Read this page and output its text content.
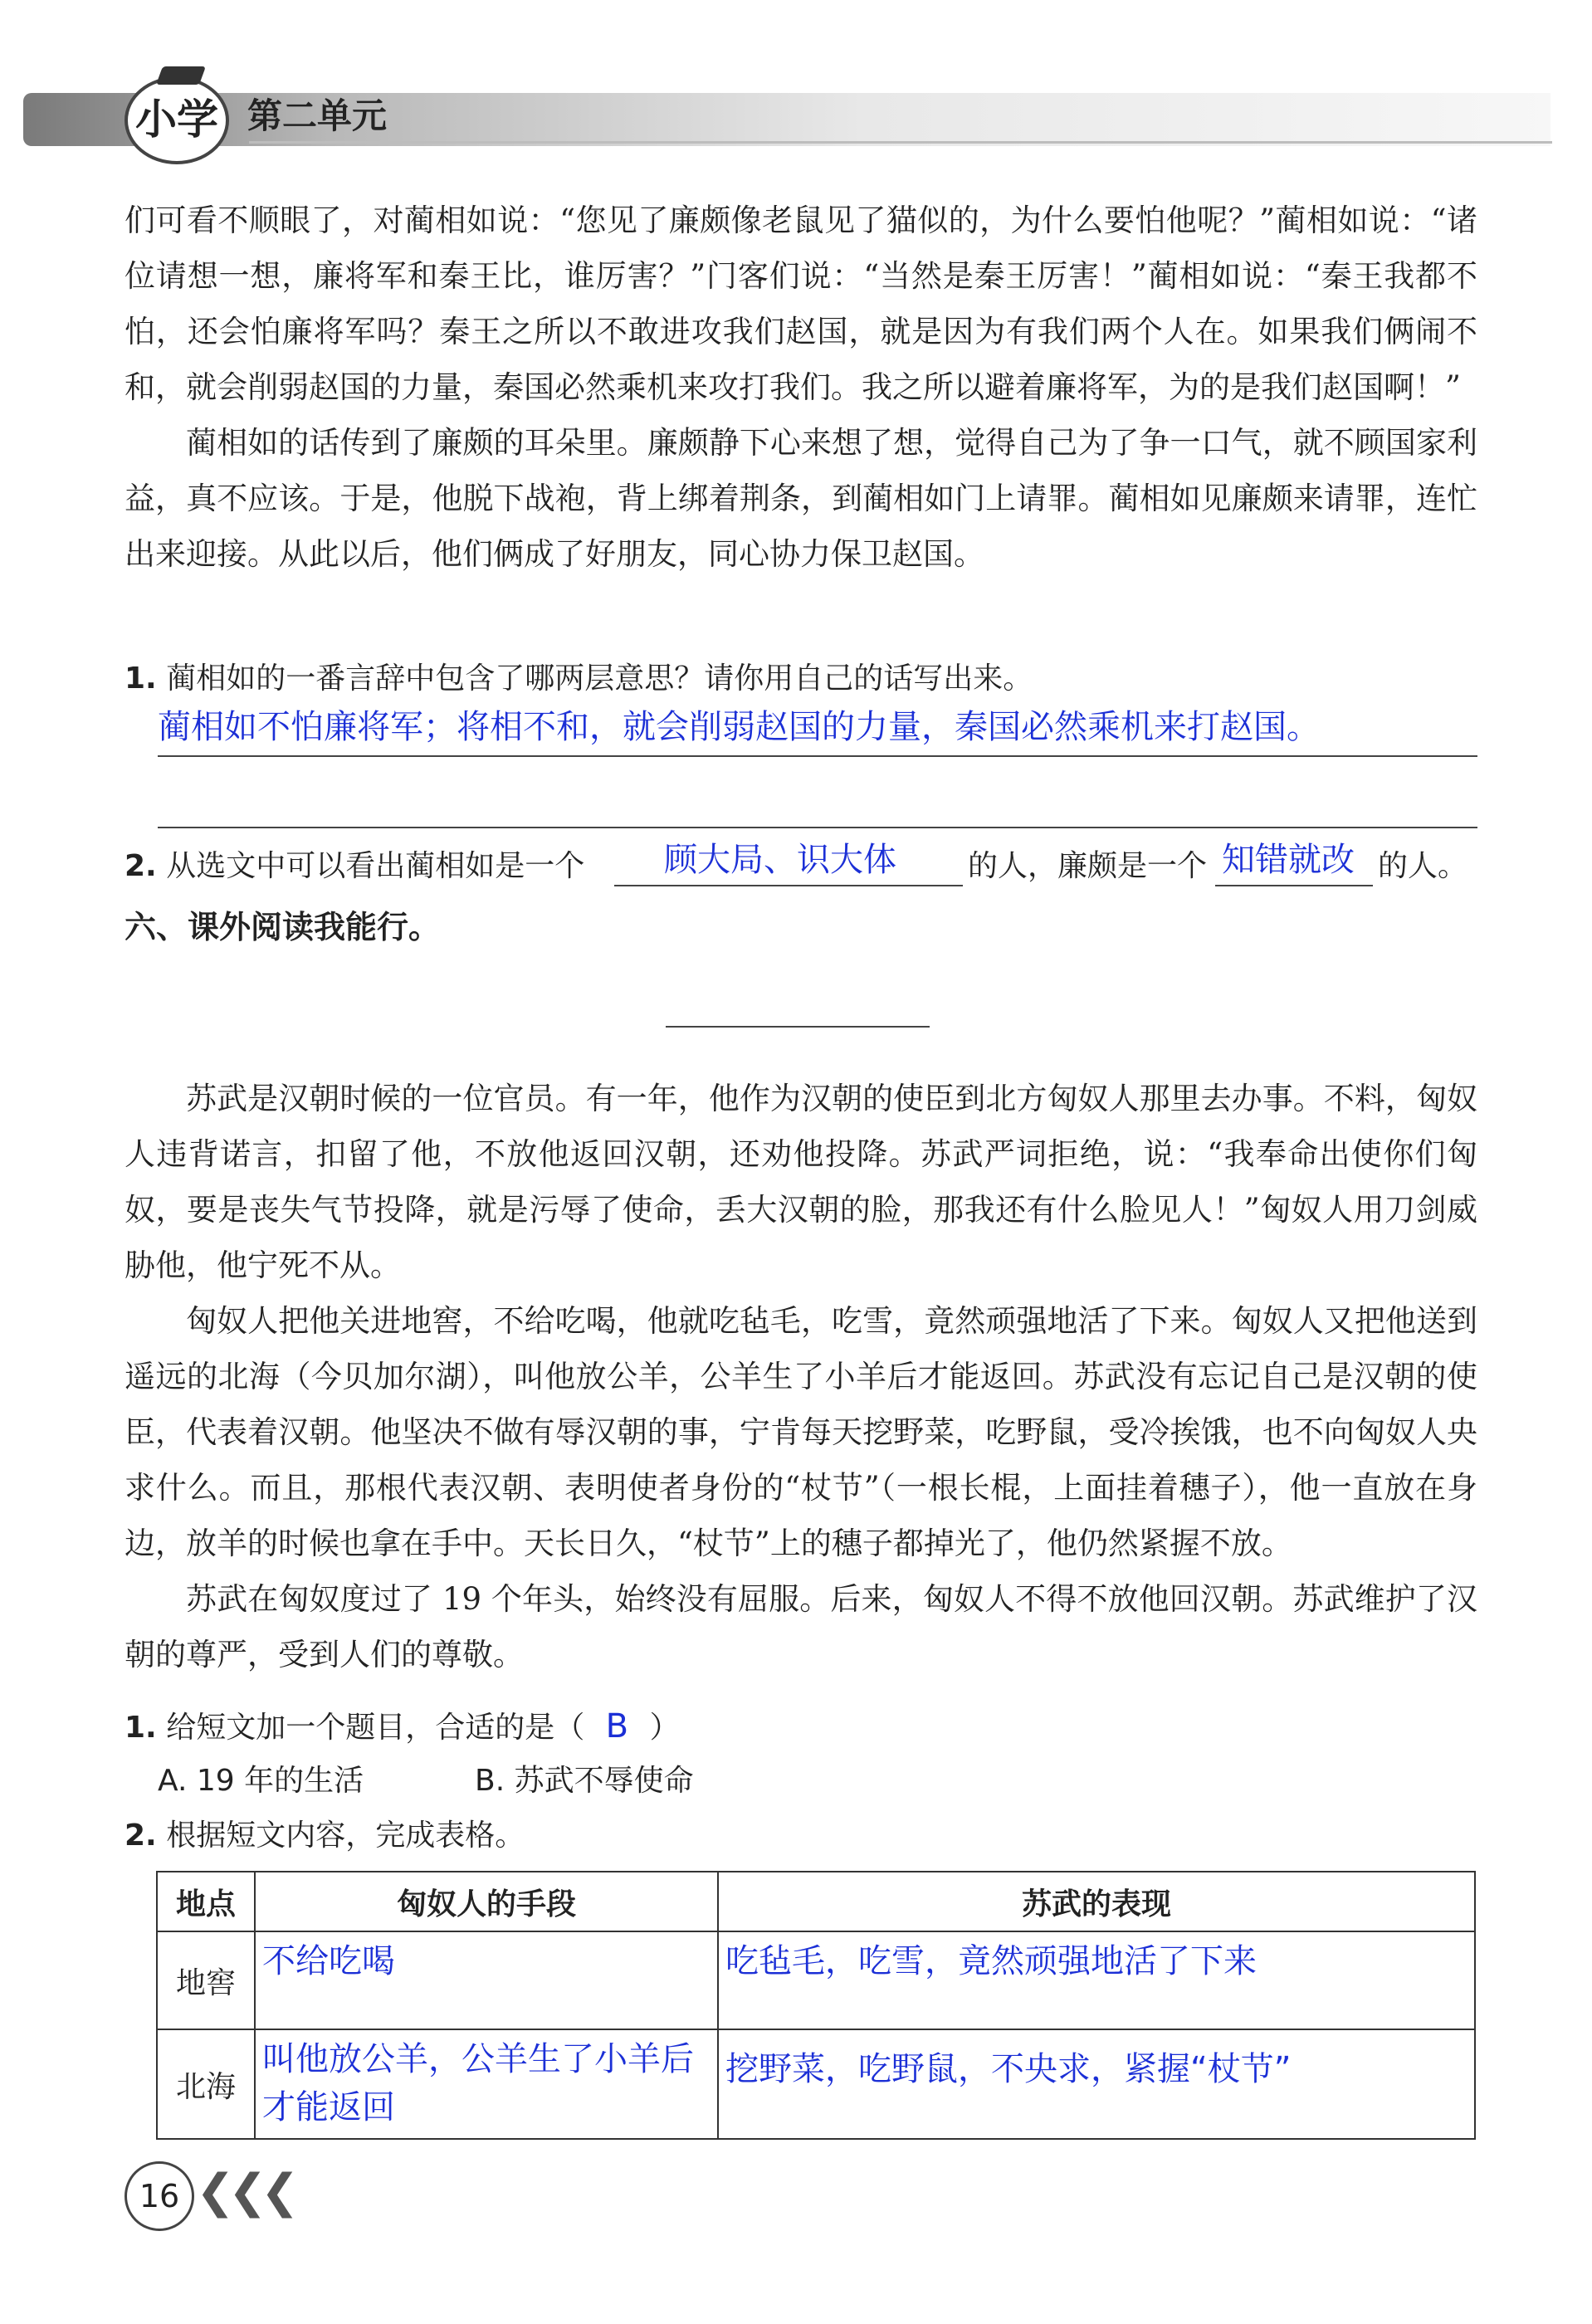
小学 第二单元

们可看不顺眼了，对蔺相如说：“您见了廉颇像老鼠见了猫似的，为什么要怕他呢？”蔺相如说：“诸位请想一想，廉将军和秦王比，谁厉害？”门客们说：“当然是秦王厉害！”蔺相如说：“秦王我都不怕，还会怕廉将军吗？秦王之所以不敢进攻我们赵国，就是因为有我们两个人在。如果我们俩闹不和，就会削弱赵国的力量，秦国必然乘机来攻打我们。我之所以避着廉将军，为的是我们赵国啊！”

蔺相如的话传到了廉颇的耳朵里。廉颇静下心来想了想，觉得自己为了争一口气，就不顾国家利益，真不应该。于是，他脱下战袍，背上绑着荆条，到蔺相如门上请罪。蔺相如见廉颇来请罪，连忙出来迎接。从此以后，他们俩成了好朋友，同心协力保卫赵国。

1. 蔺相如的一番言辞中包含了哪两层意思？请你用自己的话写出来。
蔺相如不怕廉将军；将相不和，就会削弱赵国的力量，秦国必然乘机来打赵国。
2. 从选文中可以看出蔺相如是一个 顾大局、识大体 的人，廉颇是一个 知错就改 的人。
六、课外阅读我能行。

苏武是汉朝时候的一位官员。有一年，他作为汉朝的使臣到北方匈奴人那里去办事。不料，匈奴人违背诺言，扣留了他，不放他返回汉朝，还劝他投降。苏武严词拒绝，说：“我奉命出使你们匈奴，要是丧失气节投降，就是污辱了使命，丢大汉朝的脸，那我还有什么脸见人！”匈奴人用刀剑威胁他，他宁死不从。

匈奴人把他关进地窖，不给吃喝，他就吃毡毛，吃雪，竟然顽强地活了下来。匈奴人又把他送到遥远的北海（今贝加尔湖），叫他放公羊，公羊生了小羊后才能返回。苏武没有忘记自己是汉朝的使臣，代表着汉朝。他坚决不做有辱汉朝的事，宁肯每天挖野菜，吃野鼠，受冷挨饿，也不向匈奴人央求什么。而且，那根代表汉朝、表明使者身份的“杖节”（一根长棍，上面挂着穗子），他一直放在身边，放羊的时候也拿在手中。天长日久，“杖节”上的穗子都掉光了，他仍然紧握不放。

苏武在匈奴度过了 19 个年头，始终没有屈服。后来，匈奴人不得不放他回汉朝。苏武维护了汉朝的尊严，受到人们的尊敬。

1. 给短文加一个题目，合适的是（ B ）
A. 19 年的生活	B. 苏武不辱使命
2. 根据短文内容，完成表格。
地点	匈奴人的手段	苏武的表现
地窖	不给吃喝	吃毡毛，吃雪，竟然顽强地活了下来
北海	叫他放公羊，公羊生了小羊后才能返回	挖野菜，吃野鼠，不央求，紧握“杖节”
16 ❮❮❮
